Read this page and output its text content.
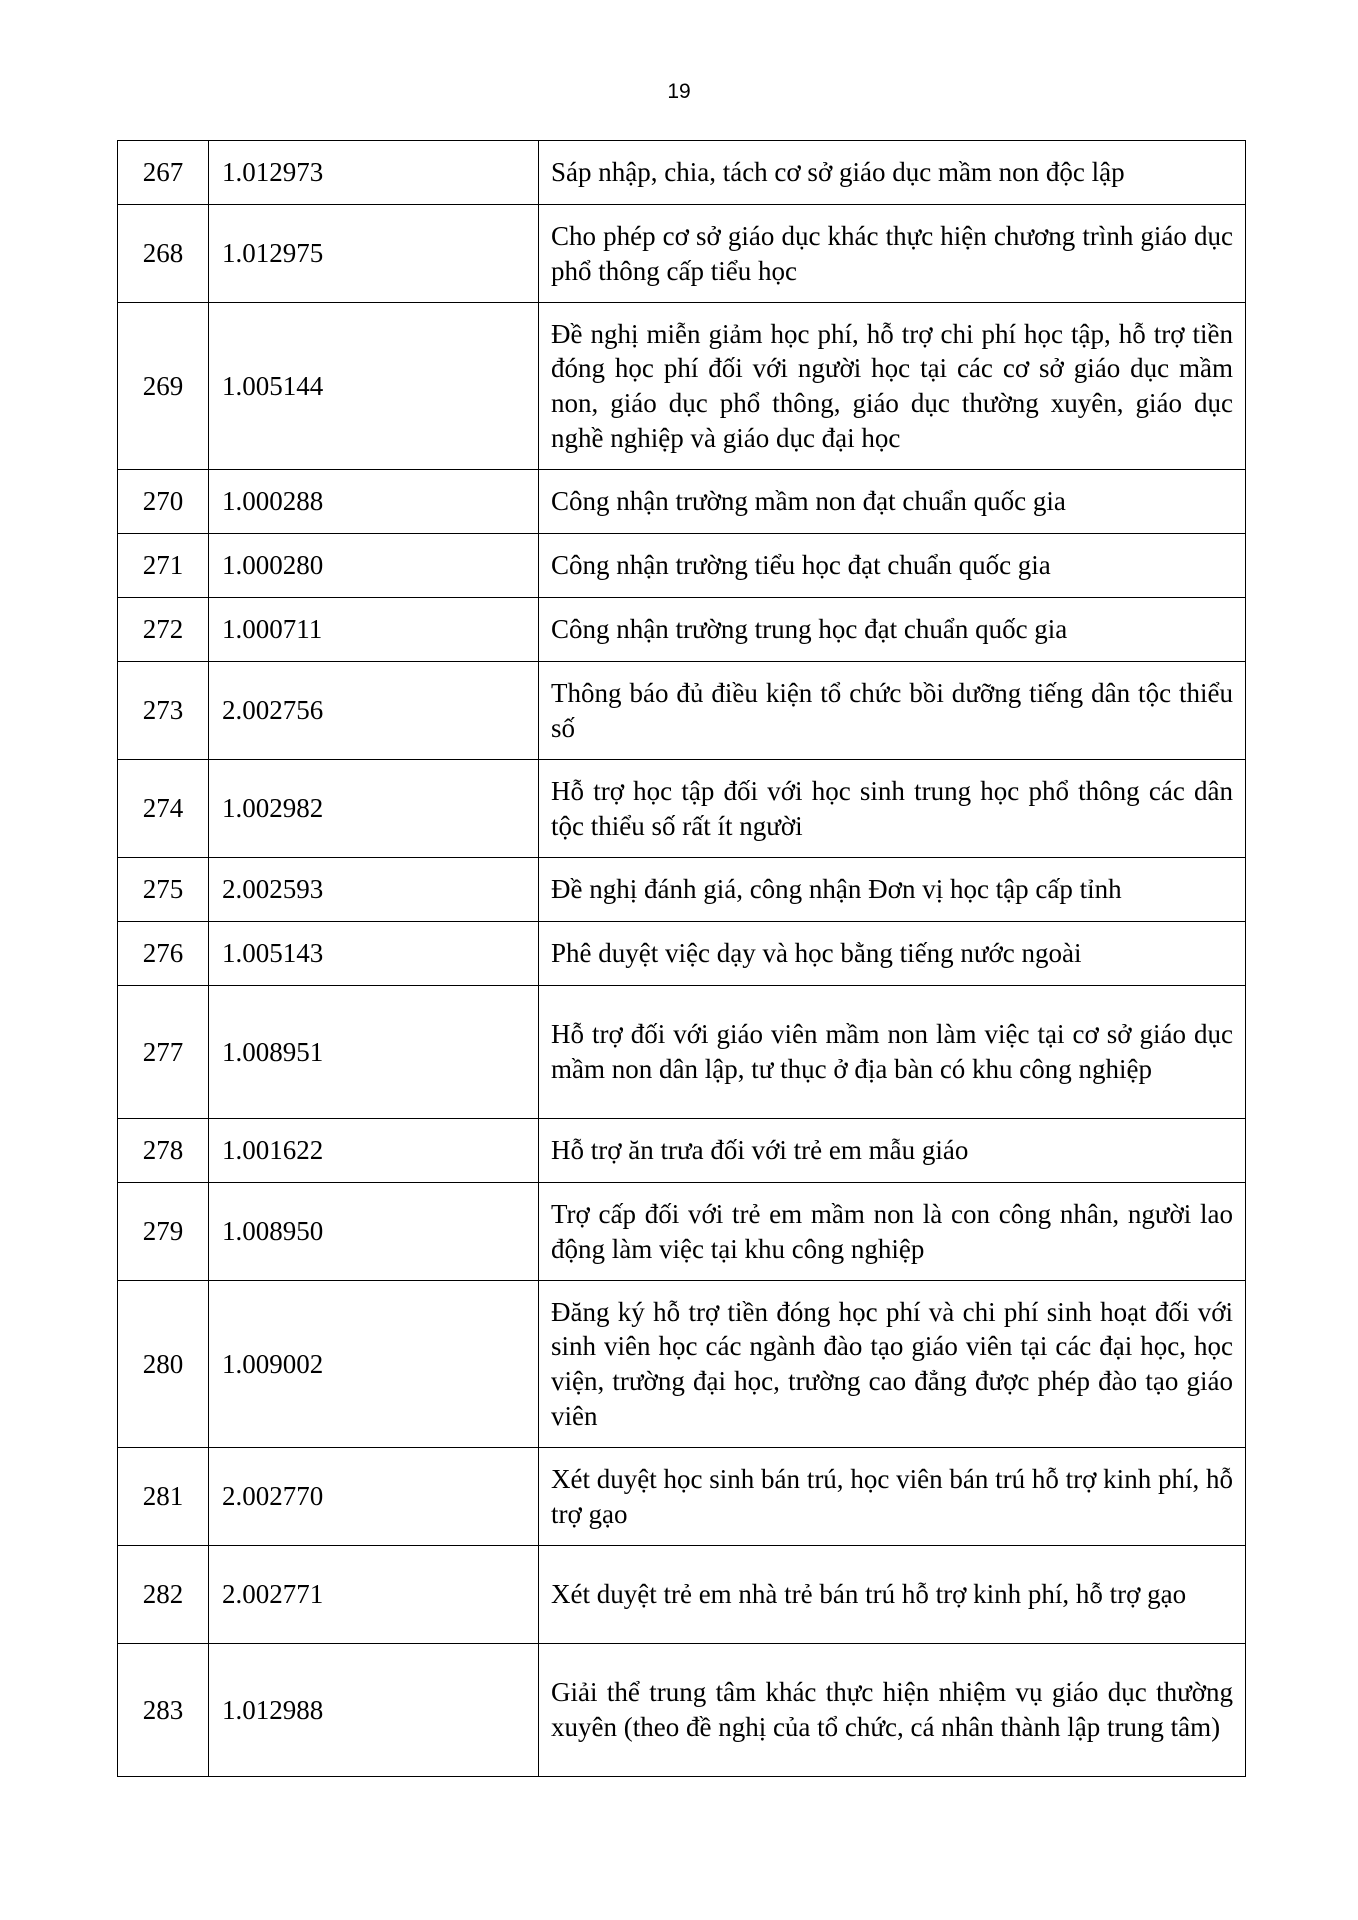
19
267	1.012973	Sáp nhập, chia, tách cơ sở giáo dục mầm non độc lập
268	1.012975	Cho phép cơ sở giáo dục khác thực hiện chương trình giáo dục phổ thông cấp tiểu học
269	1.005144	Đề nghị miễn giảm học phí, hỗ trợ chi phí học tập, hỗ trợ tiền đóng học phí đối với người học tại các cơ sở giáo dục mầm non, giáo dục phổ thông, giáo dục thường xuyên, giáo dục nghề nghiệp và giáo dục đại học
270	1.000288	Công nhận trường mầm non đạt chuẩn quốc gia
271	1.000280	Công nhận trường tiểu học đạt chuẩn quốc gia
272	1.000711	Công nhận trường trung học đạt chuẩn quốc gia
273	2.002756	Thông báo đủ điều kiện tổ chức bồi dưỡng tiếng dân tộc thiểu số
274	1.002982	Hỗ trợ học tập đối với học sinh trung học phổ thông các dân tộc thiểu số rất ít người
275	2.002593	Đề nghị đánh giá, công nhận Đơn vị học tập cấp tỉnh
276	1.005143	Phê duyệt việc dạy và học bằng tiếng nước ngoài
277	1.008951	Hỗ trợ đối với giáo viên mầm non làm việc tại cơ sở giáo dục mầm non dân lập, tư thục ở địa bàn có khu công nghiệp
278	1.001622	Hỗ trợ ăn trưa đối với trẻ em mẫu giáo
279	1.008950	Trợ cấp đối với trẻ em mầm non là con công nhân, người lao động làm việc tại khu công nghiệp
280	1.009002	Đăng ký hỗ trợ tiền đóng học phí và chi phí sinh hoạt đối với sinh viên học các ngành đào tạo giáo viên tại các đại học, học viện, trường đại học, trường cao đẳng được phép đào tạo giáo viên
281	2.002770	Xét duyệt học sinh bán trú, học viên bán trú hỗ trợ kinh phí, hỗ trợ gạo
282	2.002771	Xét duyệt trẻ em nhà trẻ bán trú hỗ trợ kinh phí, hỗ trợ gạo
283	1.012988	Giải thể trung tâm khác thực hiện nhiệm vụ giáo dục thường xuyên (theo đề nghị của tổ chức, cá nhân thành lập trung tâm)
